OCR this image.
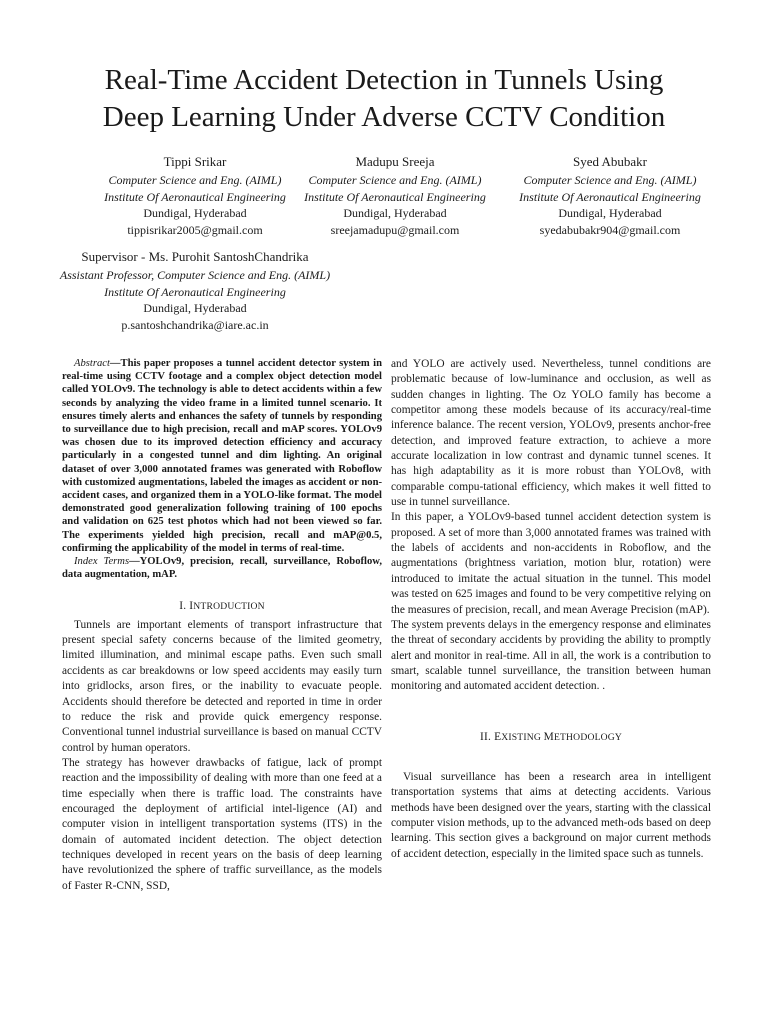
Real-Time Accident Detection in Tunnels Using
Deep Learning Under Adverse CCTV Condition
Tippi Srikar
Computer Science and Eng. (AIML)
Institute Of Aeronautical Engineering
Dundigal, Hyderabad
tippisrikar2005@gmail.com
Madupu Sreeja
Computer Science and Eng. (AIML)
Institute Of Aeronautical Engineering
Dundigal, Hyderabad
sreejamadupu@gmail.com
Syed Abubakr
Computer Science and Eng. (AIML)
Institute Of Aeronautical Engineering
Dundigal, Hyderabad
syedabubakr904@gmail.com
Supervisor - Ms. Purohit SantoshChandrika
Assistant Professor, Computer Science and Eng. (AIML)
Institute Of Aeronautical Engineering
Dundigal, Hyderabad
p.santoshchandrika@iare.ac.in

Abstract—This paper proposes a tunnel accident detector system in real-time using CCTV footage and a complex object detection model called YOLOv9. The technology is able to detect accidents within a few seconds by analyzing the video frame in a limited tunnel scenario. It ensures timely alerts and enhances the safety of tunnels by responding to surveillance due to high precision, recall and mAP scores. YOLOv9 was chosen due to its improved detection efficiency and accuracy particularly in a congested tunnel and dim lighting. An original dataset of over 3,000 annotated frames was generated with Roboflow with customized augmentations, labeled the images as accident or non-accident cases, and organized them in a YOLO-like format. The model demonstrated good generalization following training of 100 epochs and validation on 625 test photos which had not been viewed so far. The experiments yielded high precision, recall and mAP@0.5, confirming the applicability of the model in terms of real-time.

Index Terms—YOLOv9, precision, recall, surveillance, Roboflow, data augmentation, mAP.

I. INTRODUCTION

Tunnels are important elements of transport infrastructure that present special safety concerns because of the limited geometry, limited illumination, and minimal escape paths. Even such small accidents as car breakdowns or low speed accidents may easily turn into gridlocks, arson fires, or the inability to evacuate people. Accidents should therefore be detected and reported in time in order to reduce the risk and provide quick emergency response. Conventional tunnel industrial surveillance is based on manual CCTV control by human operators.

The strategy has however drawbacks of fatigue, lack of prompt reaction and the impossibility of dealing with more than one feed at a time especially when there is traffic load. The constraints have encouraged the deployment of artificial intel-ligence (AI) and computer vision in intelligent transportation systems (ITS) in the domain of automated incident detection. The object detection techniques developed in recent years on the basis of deep learning have revolutionized the sphere of traffic surveillance, as the models of Faster R-CNN, SSD,

and YOLO are actively used. Nevertheless, tunnel conditions are problematic because of low-luminance and occlusion, as well as sudden changes in lighting. The Oz YOLO family has become a competitor among these models because of its accuracy/real-time inference balance. The recent version, YOLOv9, presents anchor-free detection, and improved feature extraction, to achieve a more accurate localization in low contrast and dynamic tunnel scenes. It has high adaptability as it is more robust than YOLOv8, with comparable compu-tational efficiency, which makes it well fitted to use in tunnel surveillance.

In this paper, a YOLOv9-based tunnel accident detection system is proposed. A set of more than 3,000 annotated frames was trained with the labels of accidents and non-accidents in Roboflow, and the augmentations (brightness variation, motion blur, rotation) were introduced to imitate the actual situation in the tunnel. This model was tested on 625 images and found to be very competitive relying on the measures of precision, recall, and mean Average Precision (mAP).

The system prevents delays in the emergency response and eliminates the threat of secondary accidents by providing the ability to promptly alert and monitor in real-time. All in all, the work is a contribution to smart, scalable tunnel surveillance, the transition between human monitoring and automated accident detection. .

II. EXISTING METHODOLOGY

Visual surveillance has been a research area in intelligent transportation systems that aims at detecting accidents. Various methods have been designed over the years, starting with the classical computer vision methods, up to the advanced meth-ods based on deep learning. This section gives a background on major current methods of accident detection, especially in the limited space such as tunnels.
